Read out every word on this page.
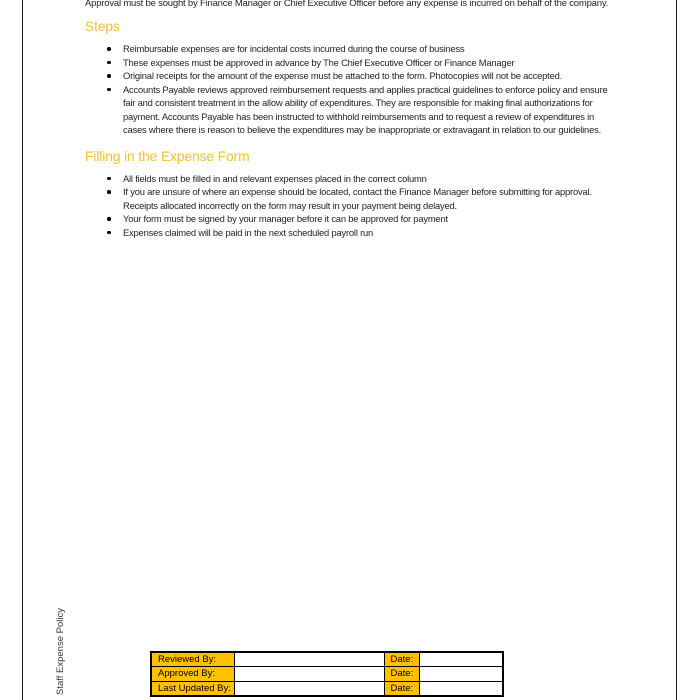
Approval must be sought by Finance Manager or Chief Executive Officer before any expense is incurred on behalf of the company.

Steps
Reimbursable expenses are for incidental costs incurred during the course of business
These expenses must be approved in advance by The Chief Executive Officer or Finance Manager
Original receipts for the amount of the expense must be attached to the form. Photocopies will not be accepted.
Accounts Payable reviews approved reimbursement requests and applies practical guidelines to enforce policy and ensure fair and consistent treatment in the allow ability of expenditures. They are responsible for making final authorizations for payment. Accounts Payable has been instructed to withhold reimbursements and to request a review of expenditures in cases where there is reason to believe the expenditures may be inappropriate or extravagant in relation to our guidelines.
Filling in the Expense Form
All fields must be filled in and relevant expenses placed in the correct column
If you are unsure of where an expense should be located, contact the Finance Manager before submitting for approval. Receipts allocated incorrectly on the form may result in your payment being delayed.
Your form must be signed by your manager before it can be approved for payment
Expenses claimed will be paid in the next scheduled payroll run
Staff Expense Policy	Reviewed By:		Date:	
Approved By:		Date:	
Last Updated By:		Date:	
